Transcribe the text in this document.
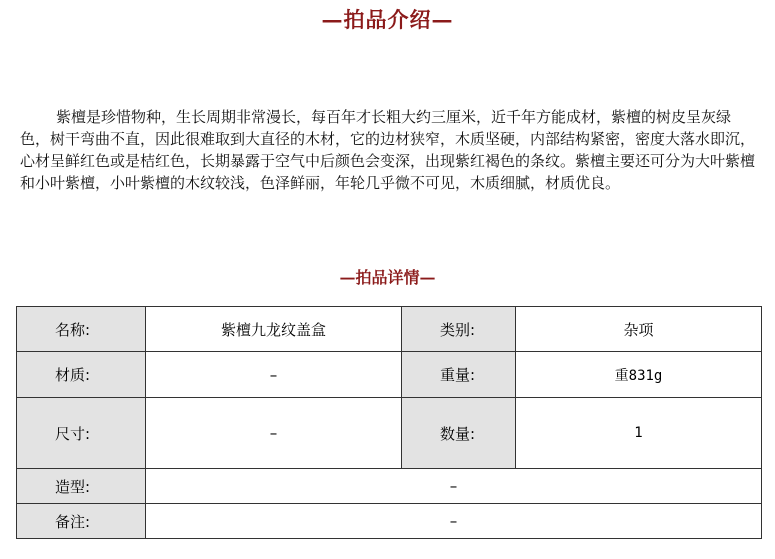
—拍品介绍—

紫檀是珍惜物种，生长周期非常漫长，每百年才长粗大约三厘米，近千年方能成材，紫檀的树皮呈灰绿色，树干弯曲不直，因此很难取到大直径的木材，它的边材狭窄，木质坚硬，内部结构紧密，密度大落水即沉，心材呈鲜红色或是桔红色，长期暴露于空气中后颜色会变深，出现紫红褐色的条纹。紫檀主要还可分为大叶紫檀和小叶紫檀，小叶紫檀的木纹较浅，色泽鲜丽，年轮几乎微不可见，木质细腻，材质优良。

—拍品详情—
名称:	紫檀九龙纹盖盒	类别:	杂项
材质:	–	重量:	重831g
尺寸:	–	数量:	1
造型:	–		
备注:	–		
